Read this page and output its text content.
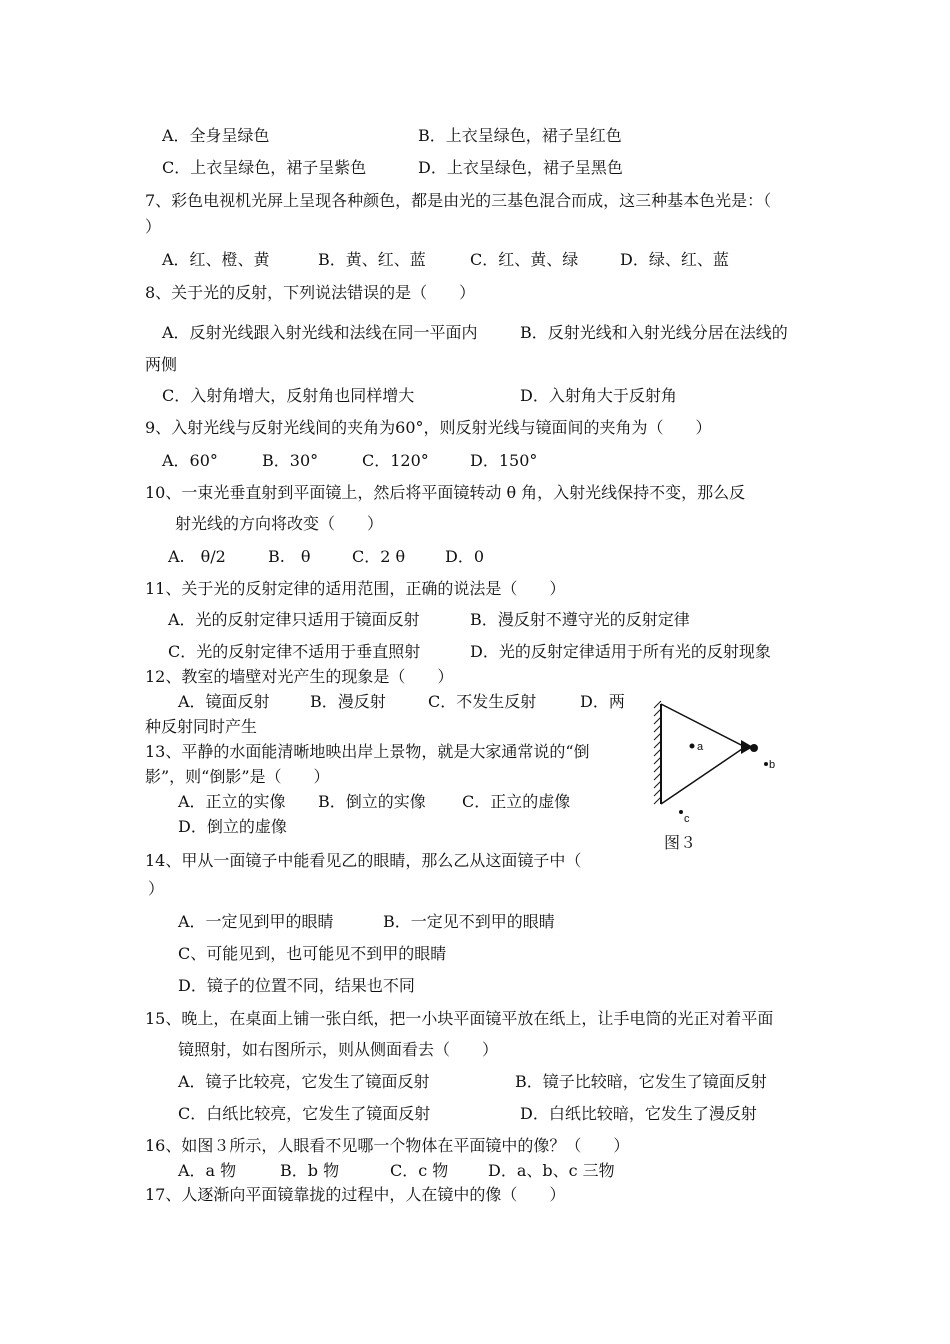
A．全身呈绿色	B．上衣呈绿色，裙子呈红色
C．上衣呈绿色，裙子呈紫色	D．上衣呈绿色，裙子呈黑色
7、彩色电视机光屏上呈现各种颜色，都是由光的三基色混合而成，这三种基本色光是：（
）
A．红、橙、黄	B．黄、红、蓝	C．红、黄、绿	D．绿、红、蓝
8、关于光的反射，下列说法错误的是（　　）
A．反射光线跟入射光线和法线在同一平面内	B．反射光线和入射光线分居在法线的
两侧
C．入射角增大，反射角也同样增大	D．入射角大于反射角
9、入射光线与反射光线间的夹角为60°，则反射光线与镜面间的夹角为（　　）
A．60°	B．30°	C．120°	D．150°
10、一束光垂直射到平面镜上，然后将平面镜转动 θ 角，入射光线保持不变，那么反
射光线的方向将改变（　　）
A.　θ/2	B.　θ	C．2 θ D．0
11、关于光的反射定律的适用范围，正确的说法是（　　）
A．光的反射定律只适用于镜面反射	B．漫反射不遵守光的反射定律
C．光的反射定律不适用于垂直照射	D．光的反射定律适用于所有光的反射现象
12、教室的墙壁对光产生的现象是（　　）
A．镜面反射	B．漫反射	C．不发生反射	D．两
种反射同时产生
13、平静的水面能清晰地映出岸上景物，就是大家通常说的“倒
影”，则“倒影”是（　　）
A．正立的实像 B．倒立的实像 C．正立的虚像
D．倒立的虚像
14、甲从一面镜子中能看见乙的眼睛，那么乙从这面镜子中（
）
A．一定见到甲的眼睛	B．一定见不到甲的眼睛
C、可能见到，也可能见不到甲的眼睛
D．镜子的位置不同，结果也不同
15、晚上，在桌面上铺一张白纸，把一小块平面镜平放在纸上，让手电筒的光正对着平面
镜照射，如右图所示，则从侧面看去（　　）
A．镜子比较亮，它发生了镜面反射	B．镜子比较暗，它发生了镜面反射
C．白纸比较亮，它发生了镜面反射	D．白纸比较暗，它发生了漫反射
16、如图３所示，人眼看不见哪一个物体在平面镜中的像？（　　）
A．a 物	B．b 物	C．c 物 D．a、b、c 三物
17、人逐渐向平面镜靠拢的过程中，人在镜中的像（　　）
a
b
c
图３
